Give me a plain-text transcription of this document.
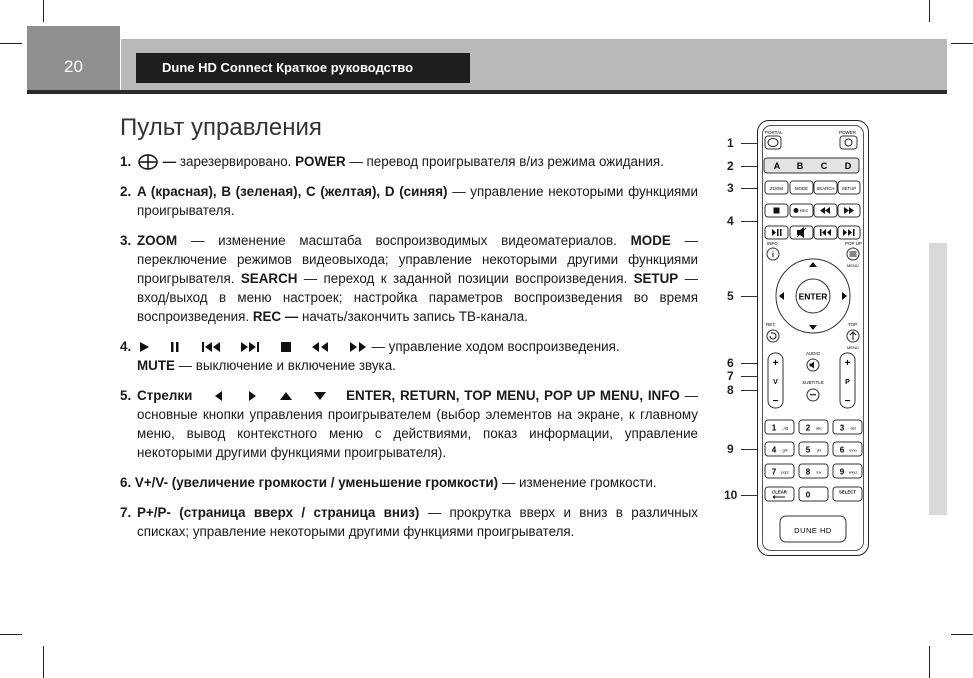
20	Dune HD Connect Краткое руководство
Пульт управления
1. — зарезервировано. POWER — перевод проигрывателя в/из режима ожидания.
2. A (красная), B (зеленая), C (желтая), D (синяя) — управление некоторыми функциями проигрывателя.
3. ZOOM — изменение масштаба воспроизводимых видеоматериалов. MODE — переключение режимов видеовыхода; управление некоторыми другими функциями проигрывателя. SEARCH — переход к заданной позиции воспроизведения. SETUP — вход/выход в меню настроек; настройка параметров воспроизведения во время воспроизведения. REC — начать/закончить запись ТВ-канала.
4.	— управление ходом воспроизведения.
MUTE — выключение и включение звука.
5. Стрелки	ENTER, RETURN, TOP MENU, POP UP MENU, INFO — основные кнопки управления проигрывателем (выбор элементов на экране, к главному меню, вывод контекстного меню с действиями, показ информации, управление некоторыми другими функциями проигрывателя).
6. V+/V- (увеличение громкости / уменьшение громкости) — изменение громкости.
7. P+/P- (страница вверх / страница вниз) — прокрутка вверх и вниз в различных списках; управление некоторыми другими функциями проигрывателя.
1
2
3
4
5
6
7
8
9
10
PORTAL	POWER
A B C D
ZOOM	MODE SEARCH SETUP
REC
INFO
i
POP UP
MENU
ENTER
RET.	TOP
MENU
+
V
−
+
P
−
AUDIO
SUBTITLE
•••
1 .,/@ 2 abc 3 def
4 ghi 5 jkl 6 mno
7 pqrs 8 tuv 9 wxyz
CLEAR 0	SELECT
DUNE HD
